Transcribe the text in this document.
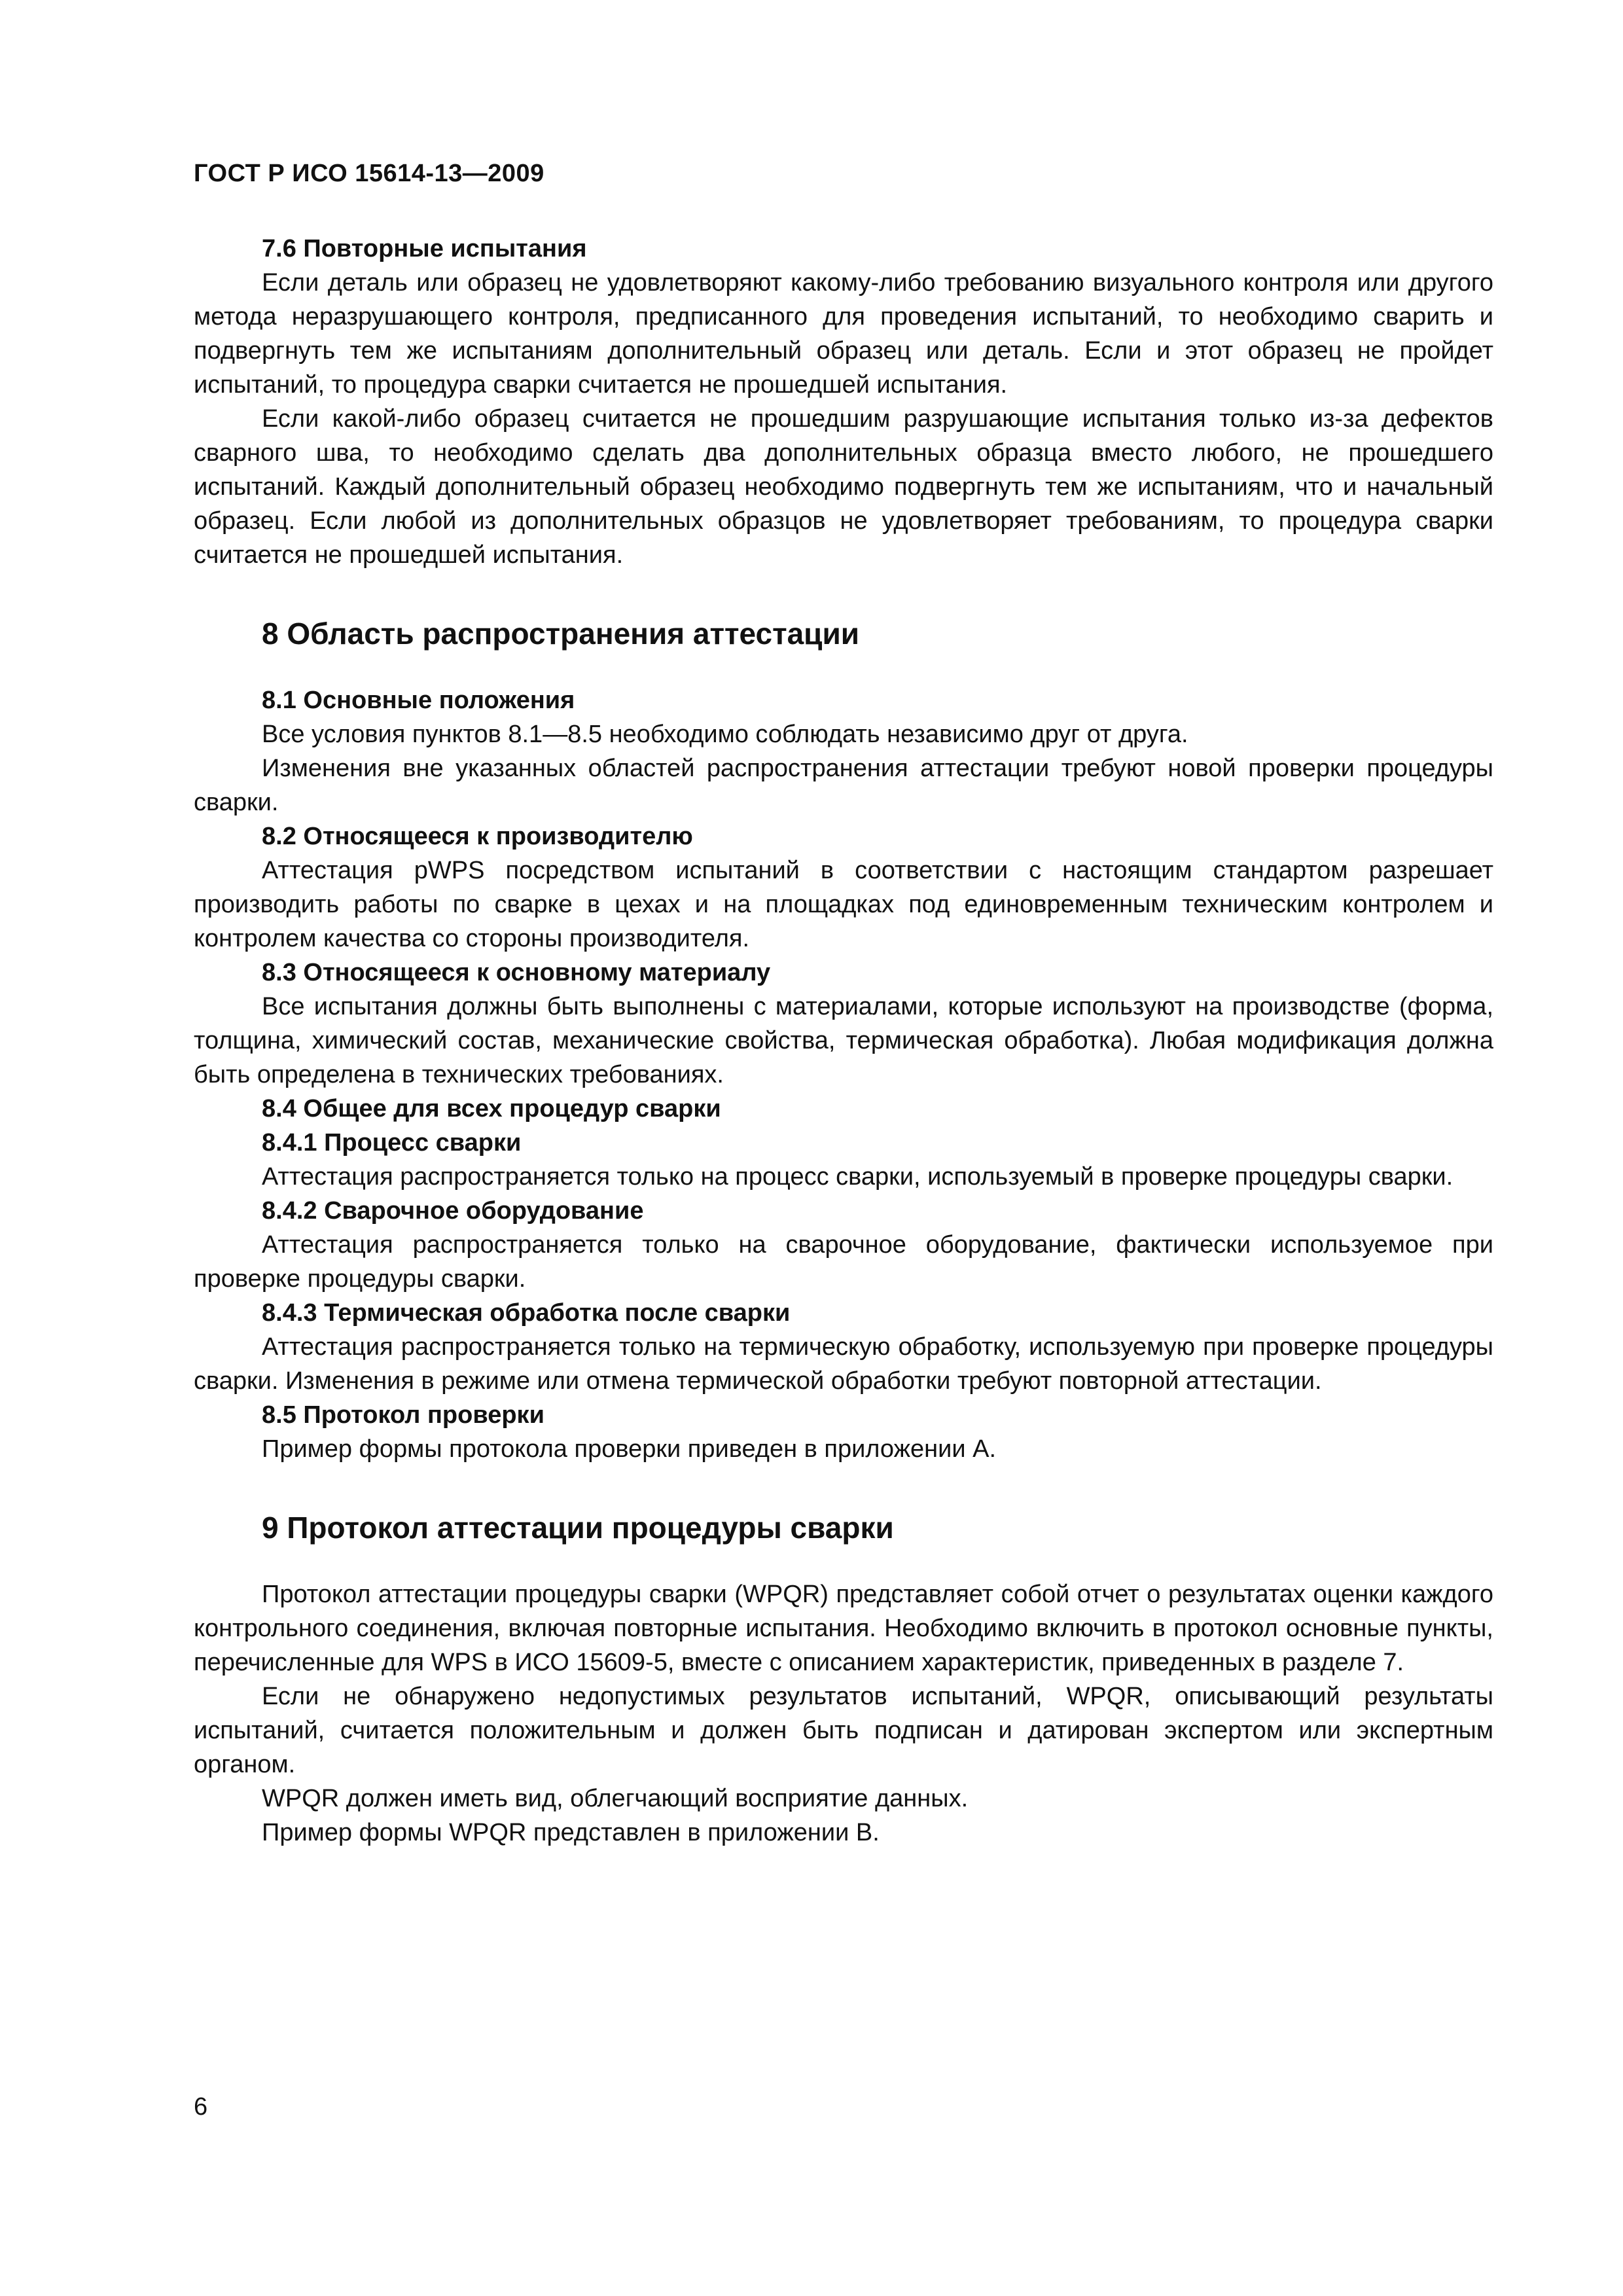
ГОСТ Р ИСО 15614-13—2009
7.6 Повторные испытания

Если деталь или образец не удовлетворяют какому-либо требованию визуального контроля или другого метода неразрушающего контроля, предписанного для проведения испытаний, то необходимо сварить и подвергнуть тем же испытаниям дополнительный образец или деталь. Если и этот образец не пройдет испытаний, то процедура сварки считается не прошедшей испытания.

Если какой-либо образец считается не прошедшим разрушающие испытания только из-за дефектов сварного шва, то необходимо сделать два дополнительных образца вместо любого, не прошедшего испытаний. Каждый дополнительный образец необходимо подвергнуть тем же испытаниям, что и начальный образец. Если любой из дополнительных образцов не удовлетворяет требованиям, то процедура сварки считается не прошедшей испытания.

8 Область распространения аттестации
8.1 Основные положения

Все условия пунктов 8.1—8.5 необходимо соблюдать независимо друг от друга.

Изменения вне указанных областей распространения аттестации требуют новой проверки процедуры сварки.

8.2 Относящееся к производителю

Аттестация pWPS посредством испытаний в соответствии с настоящим стандартом разрешает производить работы по сварке в цехах и на площадках под единовременным техническим контролем и контролем качества со стороны производителя.

8.3 Относящееся к основному материалу

Все испытания должны быть выполнены с материалами, которые используют на производстве (форма, толщина, химический состав, механические свойства, термическая обработка). Любая модификация должна быть определена в технических требованиях.

8.4 Общее для всех процедур сварки
8.4.1 Процесс сварки

Аттестация распространяется только на процесс сварки, используемый в проверке процедуры сварки.

8.4.2 Сварочное оборудование

Аттестация распространяется только на сварочное оборудование, фактически используемое при проверке процедуры сварки.

8.4.3 Термическая обработка после сварки

Аттестация распространяется только на термическую обработку, используемую при проверке процедуры сварки. Изменения в режиме или отмена термической обработки требуют повторной аттестации.

8.5 Протокол проверки

Пример формы протокола проверки приведен в приложении А.

9 Протокол аттестации процедуры сварки

Протокол аттестации процедуры сварки (WPQR) представляет собой отчет о результатах оценки каждого контрольного соединения, включая повторные испытания. Необходимо включить в протокол основные пункты, перечисленные для WPS в ИСО 15609-5, вместе с описанием характеристик, приведенных в разделе 7.

Если не обнаружено недопустимых результатов испытаний, WPQR, описывающий результаты испытаний, считается положительным и должен быть подписан и датирован экспертом или экспертным органом.

WPQR должен иметь вид, облегчающий восприятие данных.

Пример формы WPQR представлен в приложении В.

6
